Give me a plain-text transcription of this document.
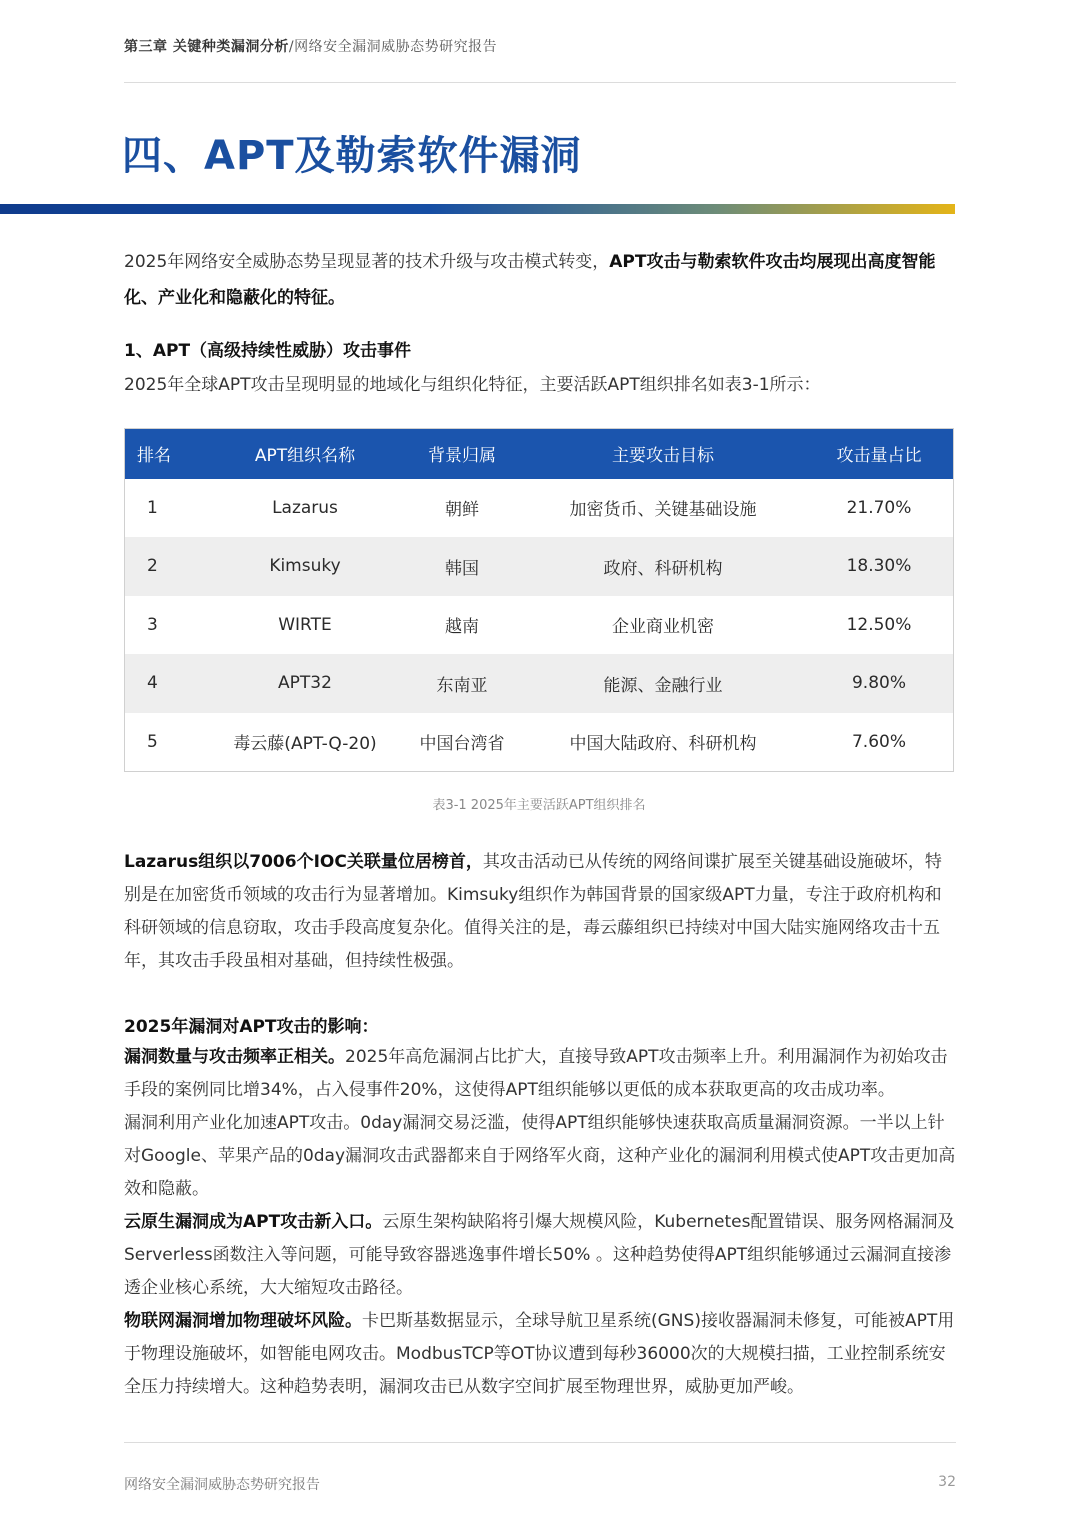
第三章 关键种类漏洞分析/网络安全漏洞威胁态势研究报告
四、APT及勒索软件漏洞

2025年网络安全威胁态势呈现显著的技术升级与攻击模式转变，APT攻击与勒索软件攻击均展现出高度智能化、产业化和隐蔽化的特征。

1、APT（高级持续性威胁）攻击事件
2025年全球APT攻击呈现明显的地域化与组织化特征，主要活跃APT组织排名如表3-1所示：
排名	APT组织名称	背景归属	主要攻击目标	攻击量占比
1	Lazarus	朝鲜	加密货币、关键基础设施	21.70%
2	Kimsuky	韩国	政府、科研机构	18.30%
3	WIRTE	越南	企业商业机密	12.50%
4	APT32	东南亚	能源、金融行业	9.80%
5	毒云藤(APT-Q-20)	中国台湾省	中国大陆政府、科研机构	7.60%
表3-1 2025年主要活跃APT组织排名

Lazarus组织以7006个IOC关联量位居榜首，其攻击活动已从传统的网络间谍扩展至关键基础设施破坏，特别是在加密货币领域的攻击行为显著增加。Kimsuky组织作为韩国背景的国家级APT力量，专注于政府机构和科研领域的信息窃取，攻击手段高度复杂化。值得关注的是，毒云藤组织已持续对中国大陆实施网络攻击十五年，其攻击手段虽相对基础，但持续性极强。

2025年漏洞对APT攻击的影响：

漏洞数量与攻击频率正相关。2025年高危漏洞占比扩大，直接导致APT攻击频率上升。利用漏洞作为初始攻击手段的案例同比增34%，占入侵事件20%，这使得APT组织能够以更低的成本获取更高的攻击成功率。
漏洞利用产业化加速APT攻击。0day漏洞交易泛滥，使得APT组织能够快速获取高质量漏洞资源。一半以上针对Google、苹果产品的0day漏洞攻击武器都来自于网络军火商，这种产业化的漏洞利用模式使APT攻击更加高效和隐蔽。
云原生漏洞成为APT攻击新入口。云原生架构缺陷将引爆大规模风险，Kubernetes配置错误、服务网格漏洞及Serverless函数注入等问题，可能导致容器逃逸事件增长50% 。这种趋势使得APT组织能够通过云漏洞直接渗透企业核心系统，大大缩短攻击路径。
物联网漏洞增加物理破坏风险。卡巴斯基数据显示，全球导航卫星系统(GNS)接收器漏洞未修复，可能被APT用于物理设施破坏，如智能电网攻击。ModbusTCP等OT协议遭到每秒36000次的大规模扫描，工业控制系统安全压力持续增大。这种趋势表明，漏洞攻击已从数字空间扩展至物理世界，威胁更加严峻。

网络安全漏洞威胁态势研究报告	32
